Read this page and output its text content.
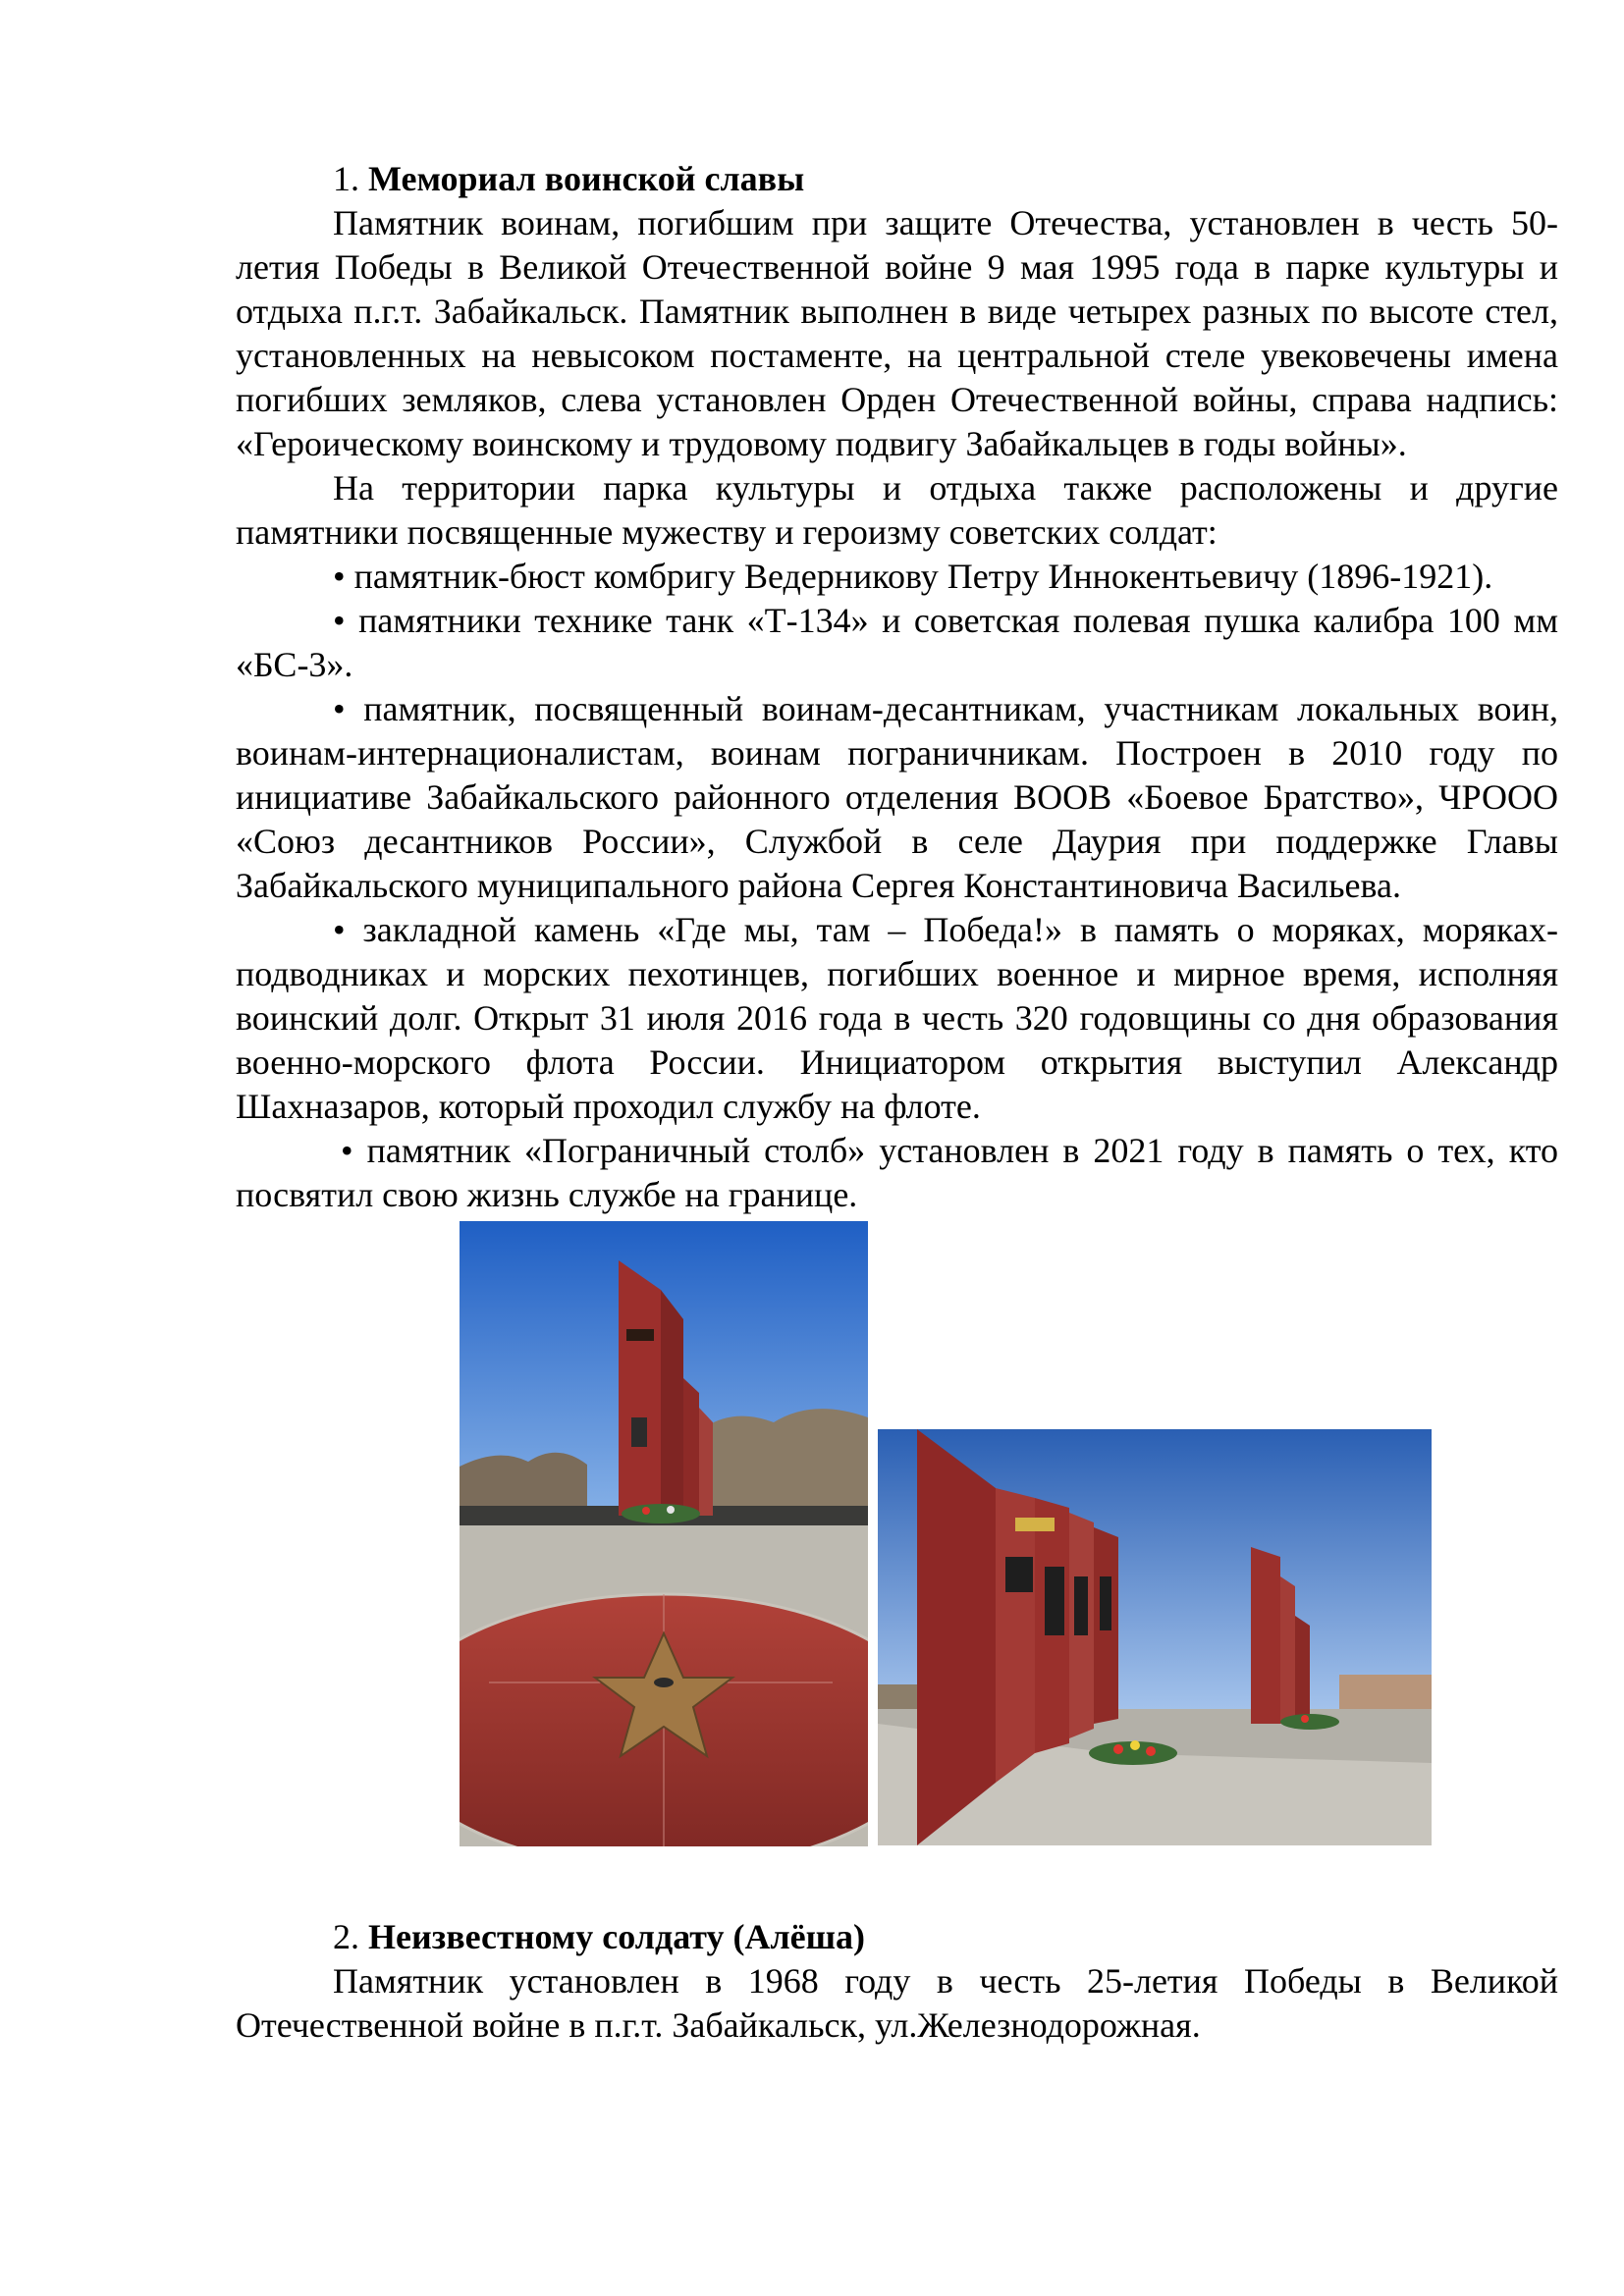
1. Мемориал воинской славы

Памятник воинам, погибшим при защите Отечества, установлен в честь 50-летия Победы в Великой Отечественной войне 9 мая 1995 года в парке культуры и отдыха п.г.т. Забайкальск. Памятник выполнен в виде четырех разных по высоте стел, установленных на невысоком постаменте, на центральной стеле увековечены имена погибших земляков, слева установлен Орден Отечественной войны, справа надпись: «Героическому воинскому и трудовому подвигу Забайкальцев в годы войны».

На территории парка культуры и отдыха также расположены и другие памятники посвященные мужеству и героизму советских солдат:

• памятник-бюст комбригу Ведерникову Петру Иннокентьевичу (1896-1921).

• памятники технике танк «Т-134» и советская полевая пушка калибра 100 мм «БС-3».

• памятник, посвященный воинам-десантникам, участникам локальных воин, воинам-интернационалистам, воинам пограничникам. Построен в 2010 году по инициативе Забайкальского районного отделения ВООВ «Боевое Братство», ЧРООО «Союз десантников России», Службой в селе Даурия при поддержке Главы Забайкальского муниципального района Сергея Константиновича Васильева.

• закладной камень «Где мы, там – Победа!» в память о моряках, моряках-подводниках и морских пехотинцев, погибших военное и мирное время, исполняя воинский долг. Открыт 31 июля 2016 года в честь 320 годовщины со дня образования военно-морского флота России. Инициатором открытия выступил Александр Шахназаров, который проходил службу на флоте.

• памятник «Пограничный столб» установлен в 2021 году в память о тех, кто посвятил свою жизнь службе на границе.

2. Неизвестному солдату (Алёша)

Памятник установлен в 1968 году в честь 25-летия Победы в Великой Отечественной войне в п.г.т. Забайкальск, ул.Железнодорожная.
